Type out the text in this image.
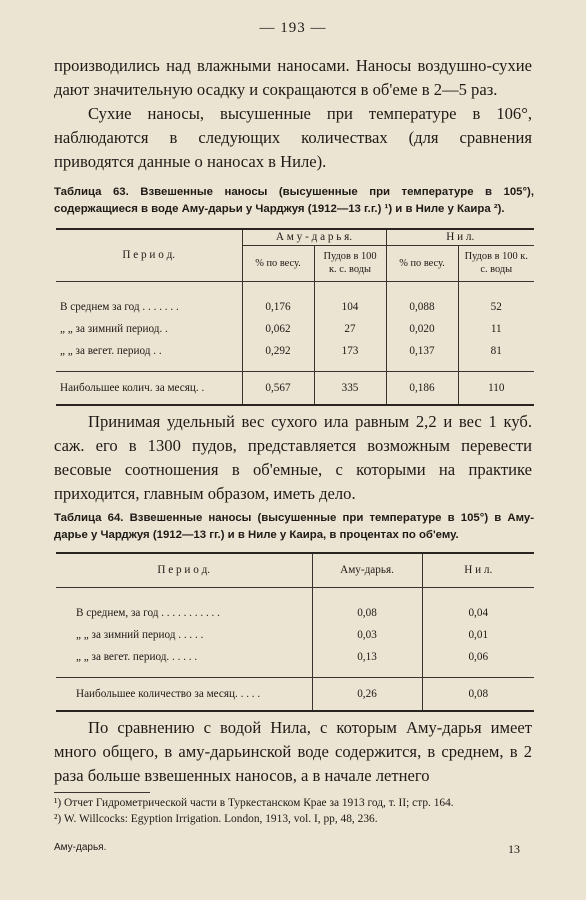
— 193 —

производились над влажными наносами. Наносы воздушно-сухие дают значительную осадку и сокращаются в об'еме в 2—5 раз.

Сухие наносы, высушенные при температуре в 106°, наблюдаются в следующих количествах (для сравнения приводятся данные о наносах в Ниле).

Таблица 63. Взвешенные наносы (высушенные при температуре в 105°), содержащиеся в воде Аму-дарьи у Чарджуя (1912—13 г.г.) ¹) и в Ниле у Каира ²).
П е р и о д.	А м у - д а р ь я.		Н и л.	
	% по весу.	Пудов в 100 к. с. воды	% по весу.	Пудов в 100 к. с. воды
В среднем за год . . . . . . .	0,176	104	0,088	52
„ „ за зимний период. .	0,062	27	0,020	11
„ „ за вегет. период . .	0,292	173	0,137	81
Наибольшее колич. за месяц. .	0,567	335	0,186	110

Принимая удельный вес сухого ила равным 2,2 и вес 1 куб. саж. его в 1300 пудов, представляется возможным перевести весовые соотношения в об'емные, с которыми на практике приходится, главным образом, иметь дело.

Таблица 64. Взвешенные наносы (высушенные при температуре в 105°) в Аму-дарье у Чарджуя (1912—13 гг.) и в Ниле у Каира, в процентах по об'ему.
П е р и о д.	Аму-дарья.	Н и л.
В среднем, за год . . . . . . . . . . .	0,08	0,04
„ „ за зимний период . . . . .	0,03	0,01
„ „ за вегет. период. . . . . .	0,13	0,06
Наибольшее количество за месяц. . . . .	0,26	0,08

По сравнению с водой Нила, с которым Аму-дарья имеет много общего, в аму-дарьинской воде содержится, в среднем, в 2 раза больше взвешенных наносов, а в начале летнего

¹) Отчет Гидрометрической части в Туркестанском Крае за 1913 год, т. II; стр. 164.

²) W. Willcocks: Egyption Irrigation. London, 1913, vol. I, pp, 48, 236.

Аму-дарья.	13
